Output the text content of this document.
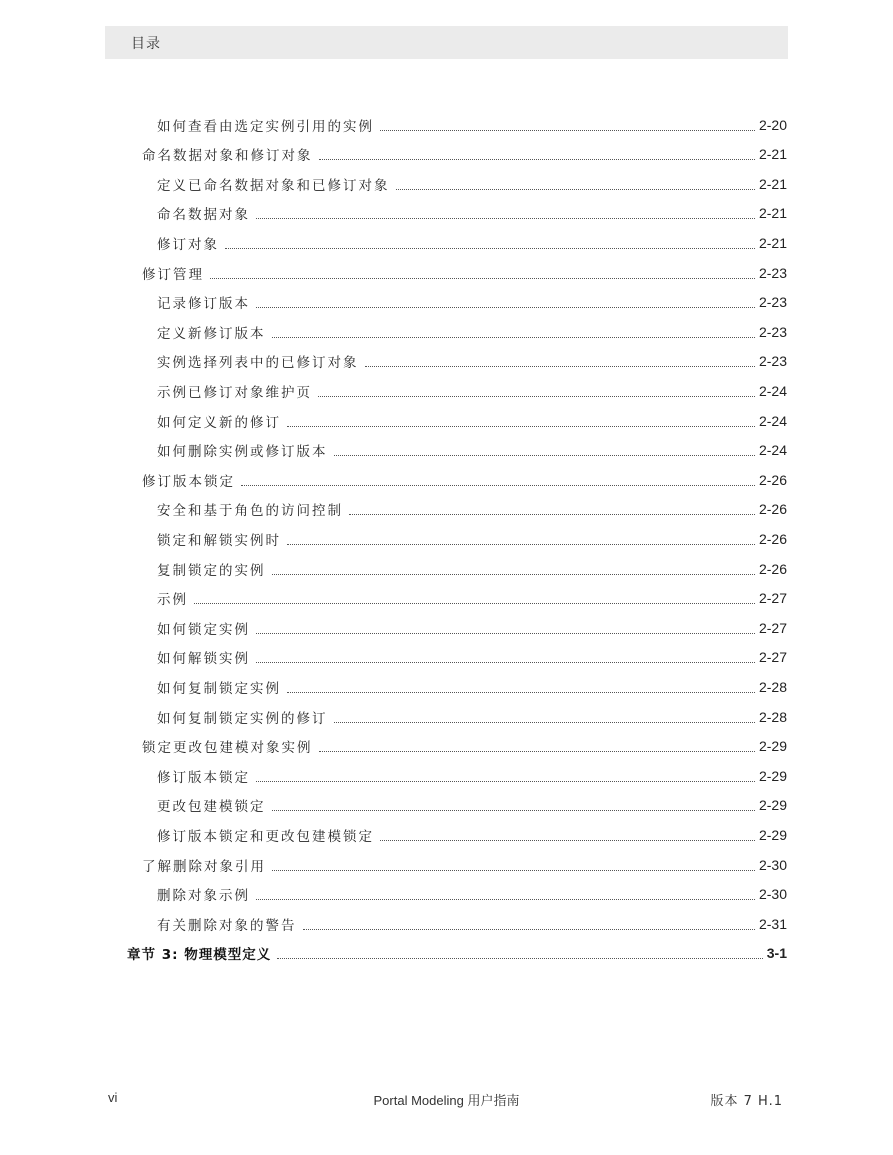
目录
如何查看由选定实例引用的实例	2-20
命名数据对象和修订对象	2-21
定义已命名数据对象和已修订对象	2-21
命名数据对象	2-21
修订对象	2-21
修订管理	2-23
记录修订版本	2-23
定义新修订版本	2-23
实例选择列表中的已修订对象	2-23
示例已修订对象维护页	2-24
如何定义新的修订	2-24
如何删除实例或修订版本	2-24
修订版本锁定	2-26
安全和基于角色的访问控制	2-26
锁定和解锁实例时	2-26
复制锁定的实例	2-26
示例	2-27
如何锁定实例	2-27
如何解锁实例	2-27
如何复制锁定实例	2-28
如何复制锁定实例的修订	2-28
锁定更改包建模对象实例	2-29
修订版本锁定	2-29
更改包建模锁定	2-29
修订版本锁定和更改包建模锁定	2-29
了解删除对象引用	2-30
删除对象示例	2-30
有关删除对象的警告	2-31
章节 3: 物理模型定义	3-1
vi	Portal Modeling 用户指南	版本 7 H.1
